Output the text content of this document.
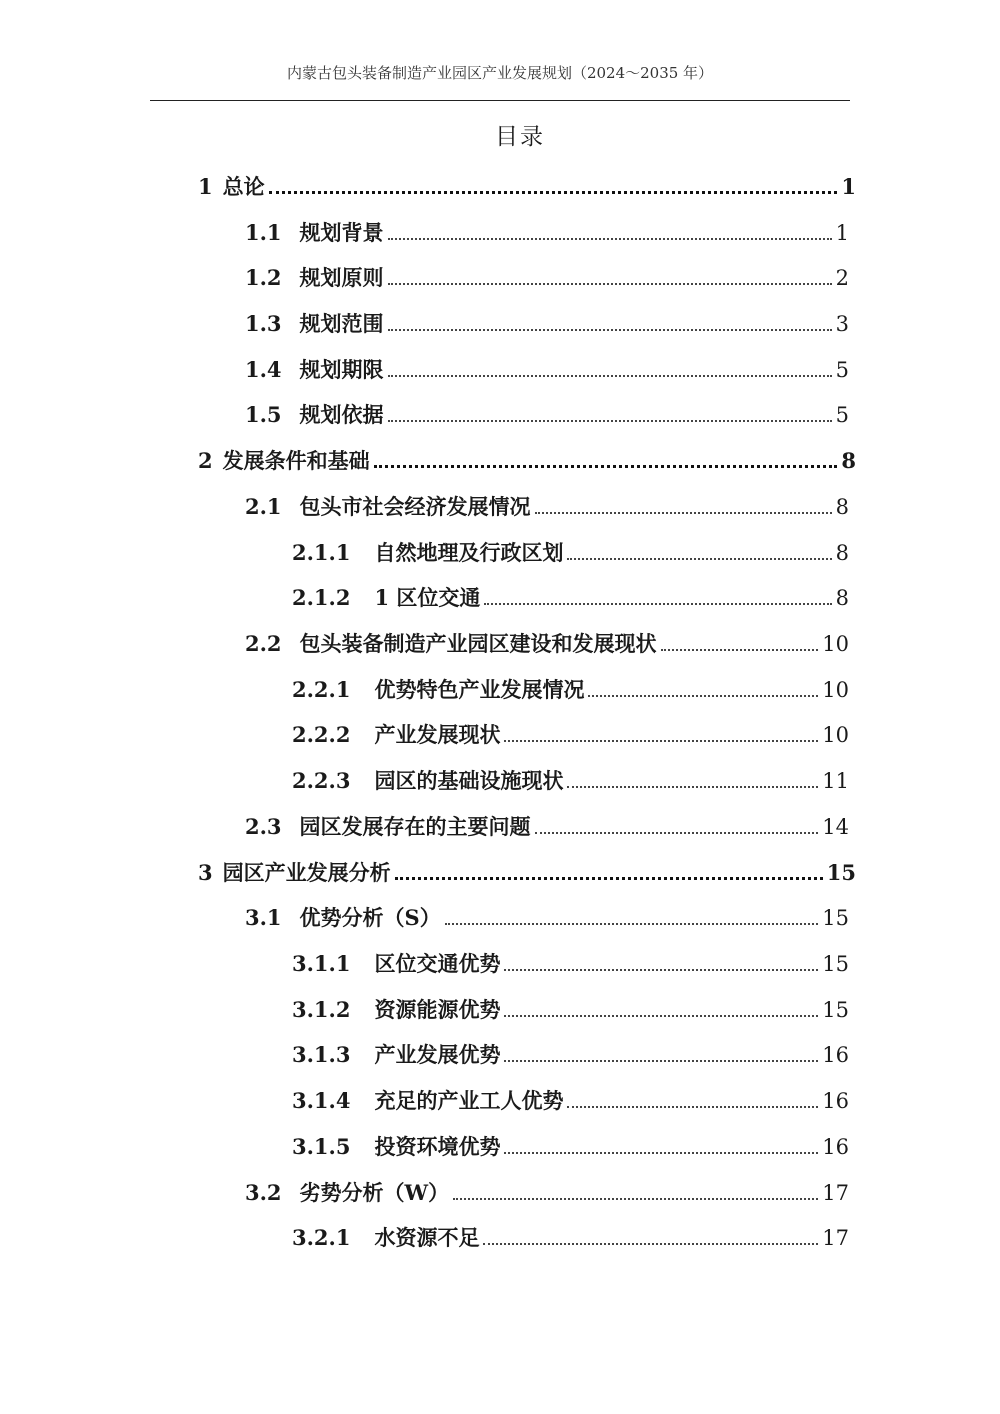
内蒙古包头装备制造产业园区产业发展规划（2024～2035 年）
目录
1 总论	1
1.1 规划背景	1
1.2 规划原则	2
1.3 规划范围	3
1.4 规划期限	5
1.5 规划依据	5
2 发展条件和基础	8
2.1 包头市社会经济发展情况	8
2.1.1 自然地理及行政区划	8
2.1.2 1 区位交通	8
2.2 包头装备制造产业园区建设和发展现状	10
2.2.1 优势特色产业发展情况	10
2.2.2 产业发展现状	10
2.2.3 园区的基础设施现状	11
2.3 园区发展存在的主要问题	14
3 园区产业发展分析	15
3.1 优势分析（S）	15
3.1.1 区位交通优势	15
3.1.2 资源能源优势	15
3.1.3 产业发展优势	16
3.1.4 充足的产业工人优势	16
3.1.5 投资环境优势	16
3.2 劣势分析（W）	17
3.2.1 水资源不足	17
